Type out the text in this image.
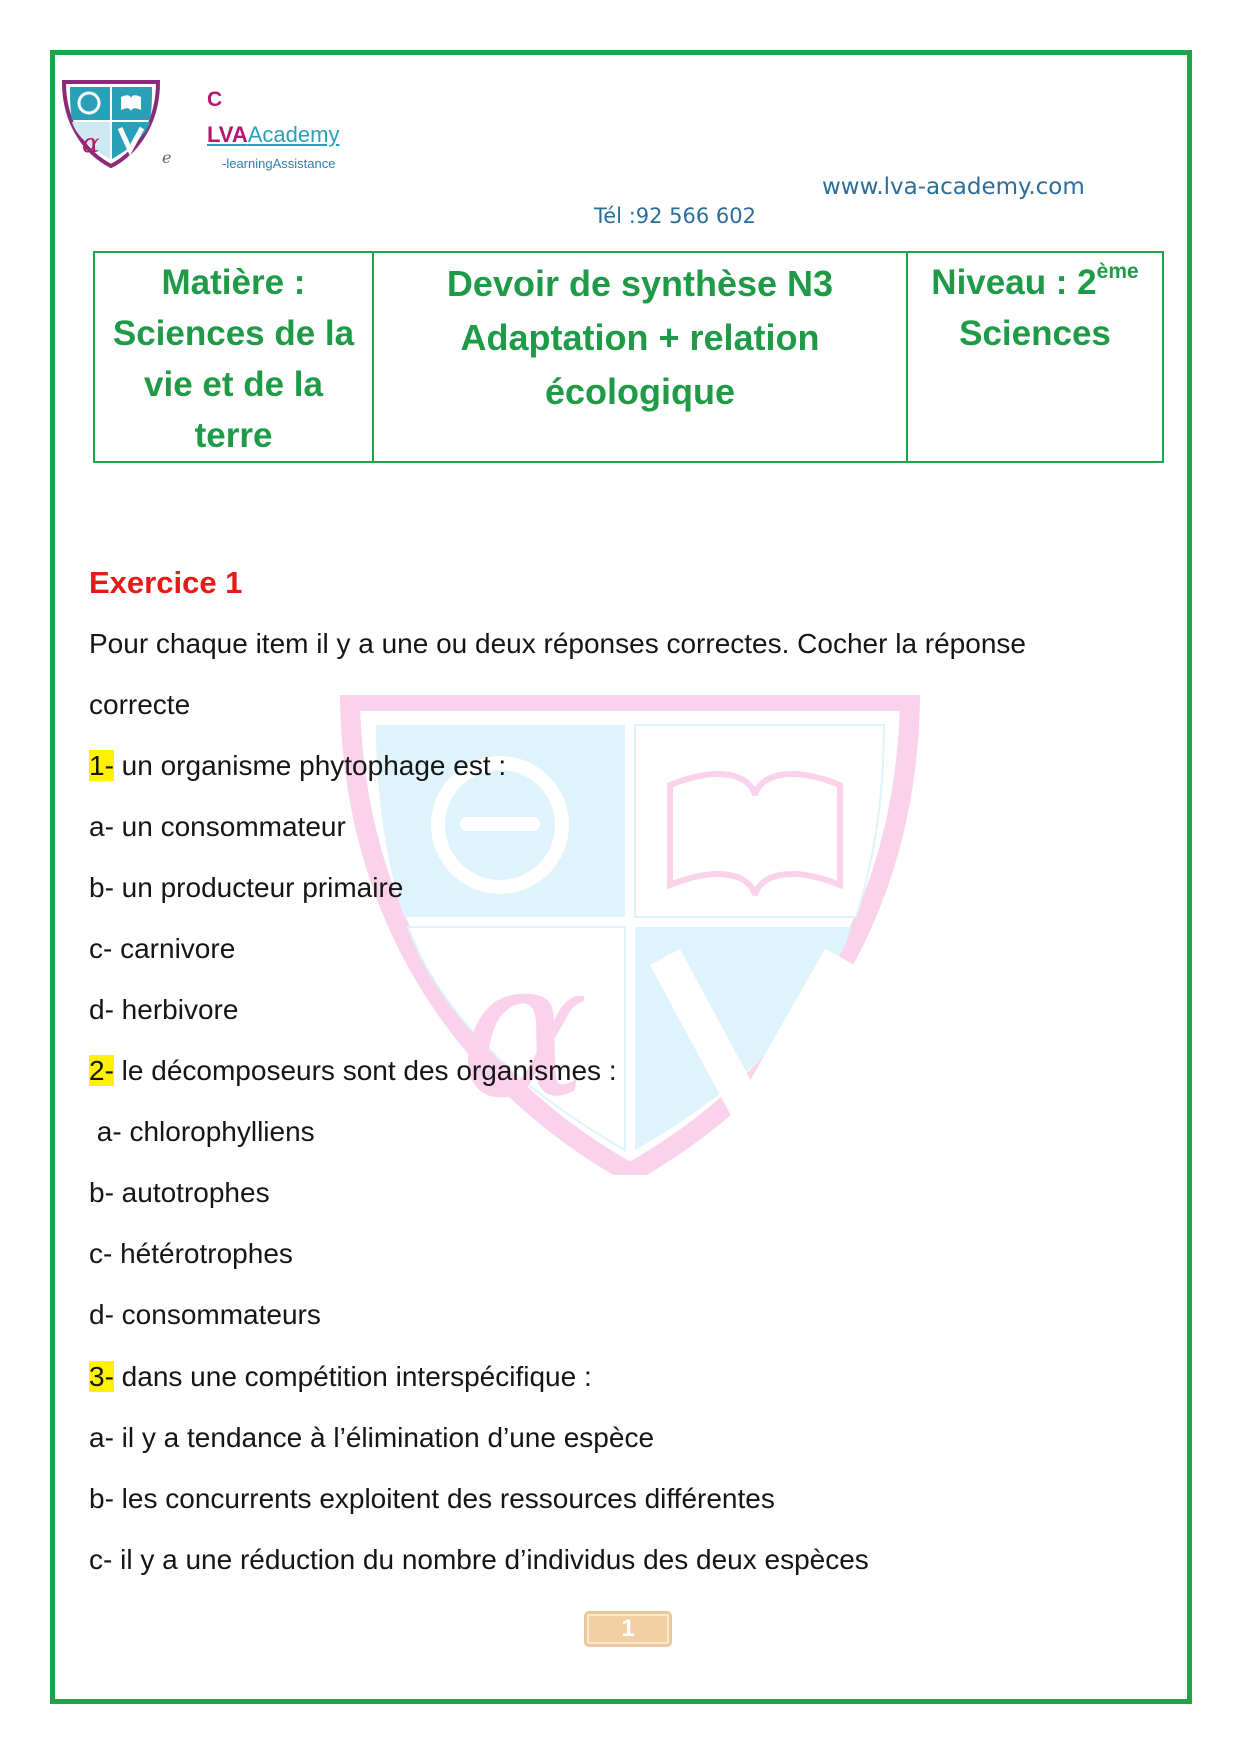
α	e
C
LVAAcademy
-learningAssistance
www.lva-academy.com
Tél :92 566 602
Matière :
Sciences de la
vie et de la
terre

Devoir de synthèse N3
Adaptation + relation
écologique

Niveau : 2ème
Sciences
α
Exercice 1
Pour chaque item il y a une ou deux réponses correctes. Cocher la réponse
correcte
1- un organisme phytophage est :
a- un consommateur
b- un producteur primaire
c- carnivore
d- herbivore
2- le décomposeurs sont des organismes :
a- chlorophylliens
b- autotrophes
c- hétérotrophes
d- consommateurs
3- dans une compétition interspécifique :
a- il y a tendance à l’élimination d’une espèce
b- les concurrents exploitent des ressources différentes
c- il y a une réduction du nombre d’individus des deux espèces
1
